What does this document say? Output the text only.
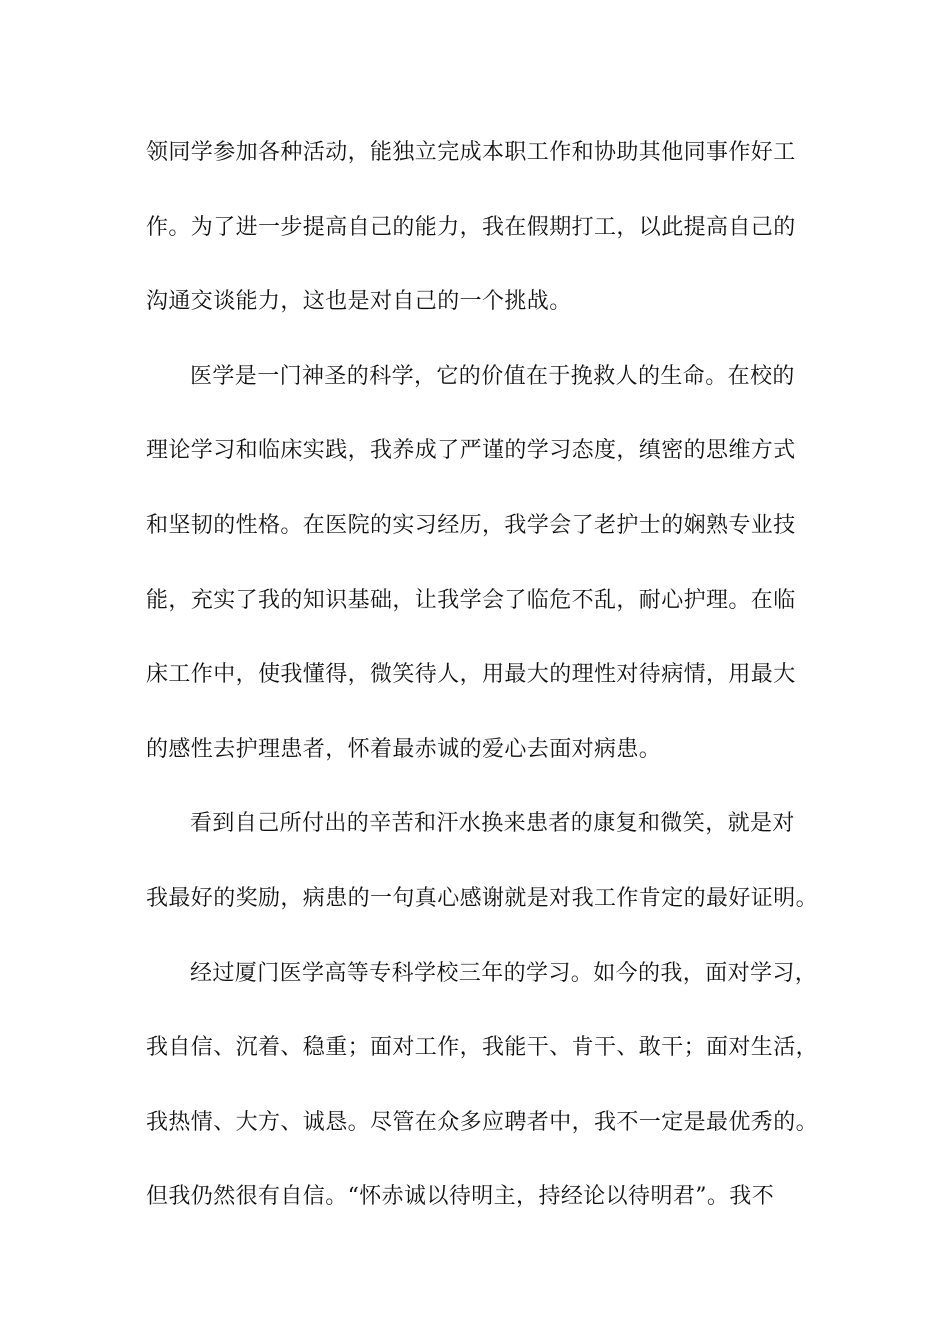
领同学参加各种活动，能独立完成本职工作和协助其他同事作好工
作。为了进一步提高自己的能力，我在假期打工，以此提高自己的
沟通交谈能力，这也是对自己的一个挑战。
医学是一门神圣的科学，它的价值在于挽救人的生命。在校的
理论学习和临床实践，我养成了严谨的学习态度，缜密的思维方式
和坚韧的性格。在医院的实习经历，我学会了老护士的娴熟专业技
能，充实了我的知识基础，让我学会了临危不乱，耐心护理。在临
床工作中，使我懂得，微笑待人，用最大的理性对待病情，用最大
的感性去护理患者，怀着最赤诚的爱心去面对病患。
看到自己所付出的辛苦和汗水换来患者的康复和微笑，就是对
我最好的奖励，病患的一句真心感谢就是对我工作肯定的最好证明。
经过厦门医学高等专科学校三年的学习。如今的我，面对学习，
我自信、沉着、稳重；面对工作，我能干、肯干、敢干；面对生活，
我热情、大方、诚恳。尽管在众多应聘者中，我不一定是最优秀的。
但我仍然很有自信。“怀赤诚以待明主，持经论以待明君”。我不
